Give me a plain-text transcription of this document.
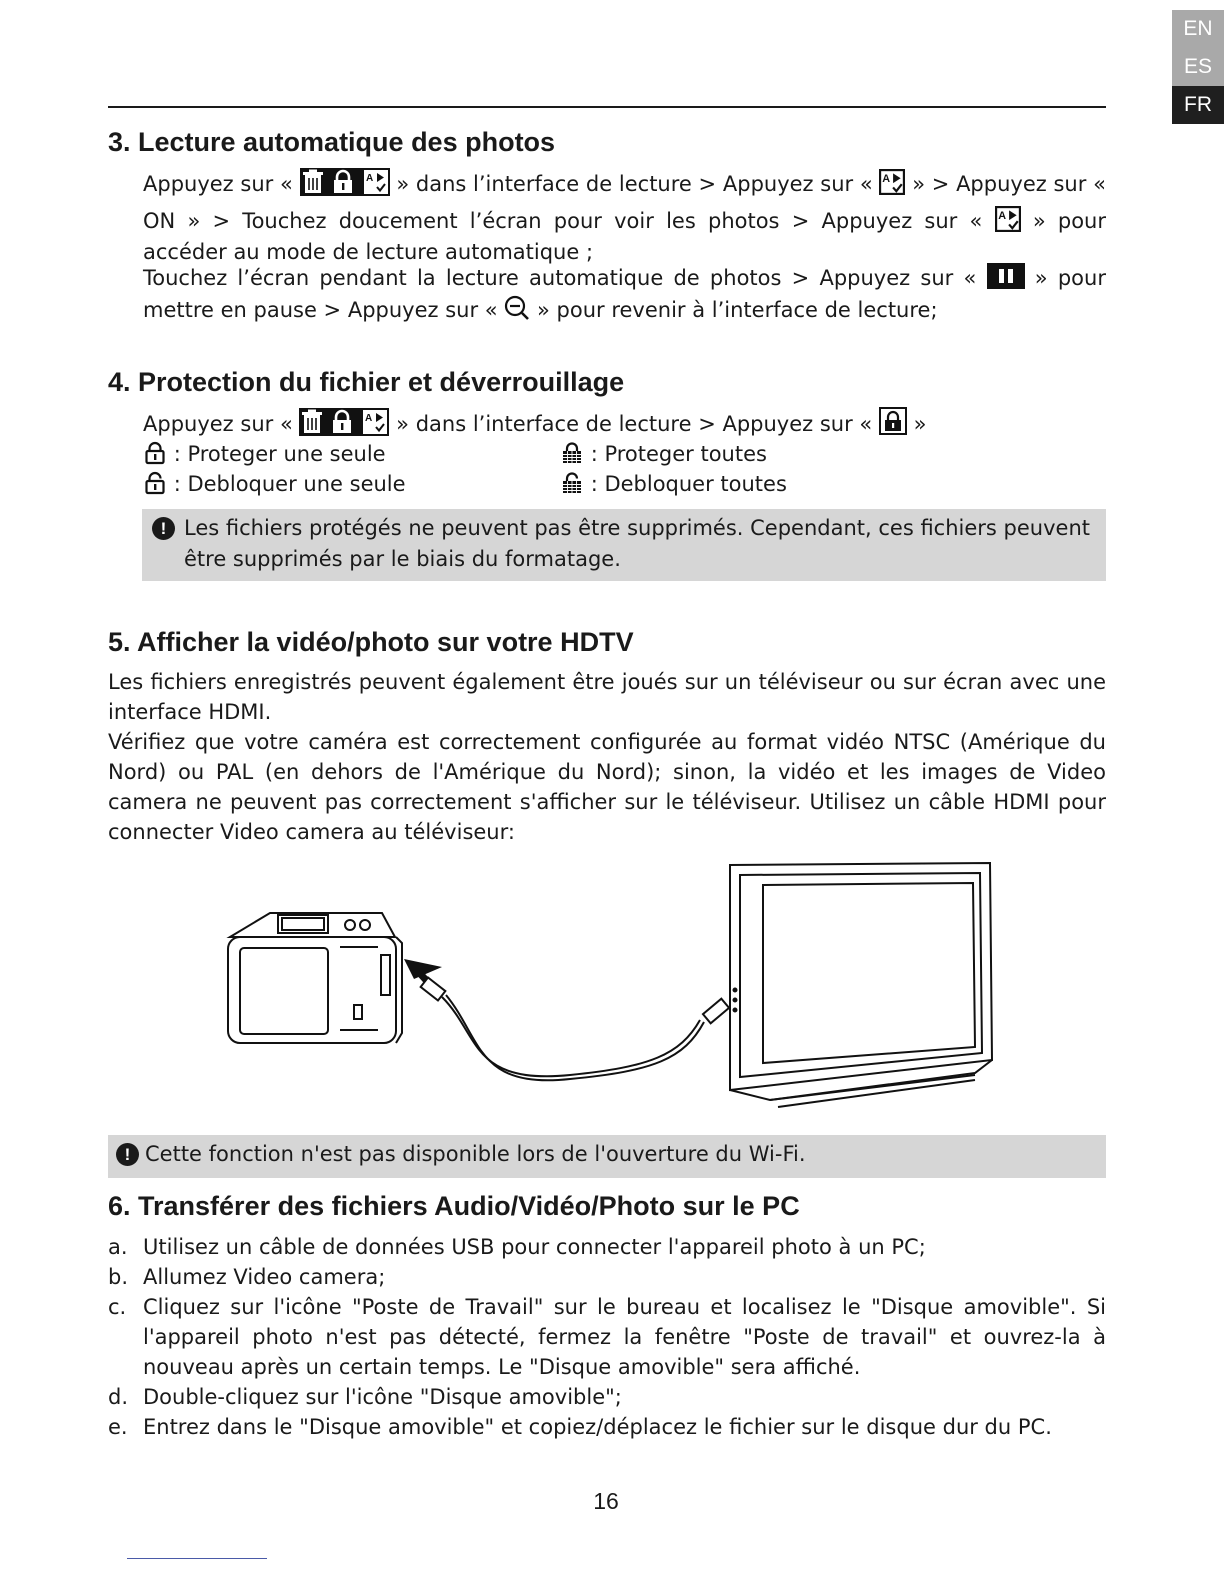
EN
ES
FR
3. Lecture automatique des photos

Appuyez sur «	A » dans l’interface de lecture > Appuyez sur « » > Appuyez sur « ON » > Touchez doucement l’écran pour voir les photos > Appuyez sur « » pour accéder au mode de lecture automatique ;

Touchez l’écran pendant la lecture automatique de photos > Appuyez sur «	» pour mettre en pause > Appuyez sur « » pour revenir à l’interface de lecture;

4. Protection du fichier et déverrouillage

Appuyez sur «	A » dans l’interface de lecture > Appuyez sur « »

: Proteger une seule	: Proteger toutes
: Debloquer une seule	: Debloquer toutes
! Les fichiers protégés ne peuvent pas être supprimés. Cependant, ces fichiers peuvent être supprimés par le biais du formatage.
5. Afficher la vidéo/photo sur votre HDTV

Les fichiers enregistrés peuvent également être joués sur un téléviseur ou sur écran avec une interface HDMI.

Vérifiez que votre caméra est correctement configurée au format vidéo NTSC (Amérique du Nord) ou PAL (en dehors de l'Amérique du Nord); sinon, la vidéo et les images de Video camera ne peuvent pas correctement s'afficher sur le téléviseur. Utilisez un câble HDMI pour connecter Video camera au téléviseur:

! Cette fonction n'est pas disponible lors de l'ouverture du Wi-Fi.
6. Transférer des fichiers Audio/Vidéo/Photo sur le PC
a. Utilisez un câble de données USB pour connecter l'appareil photo à un PC;
b. Allumez Video camera;
c. Cliquez sur l'icône "Poste de Travail" sur le bureau et localisez le "Disque amovible". Si l'appareil photo n'est pas détecté, fermez la fenêtre "Poste de travail" et ouvrez-la à nouveau après un certain temps. Le "Disque amovible" sera affiché.
d. Double-cliquez sur l'icône "Disque amovible";
e. Entrez dans le "Disque amovible" et copiez/déplacez le fichier sur le disque dur du PC.
16
